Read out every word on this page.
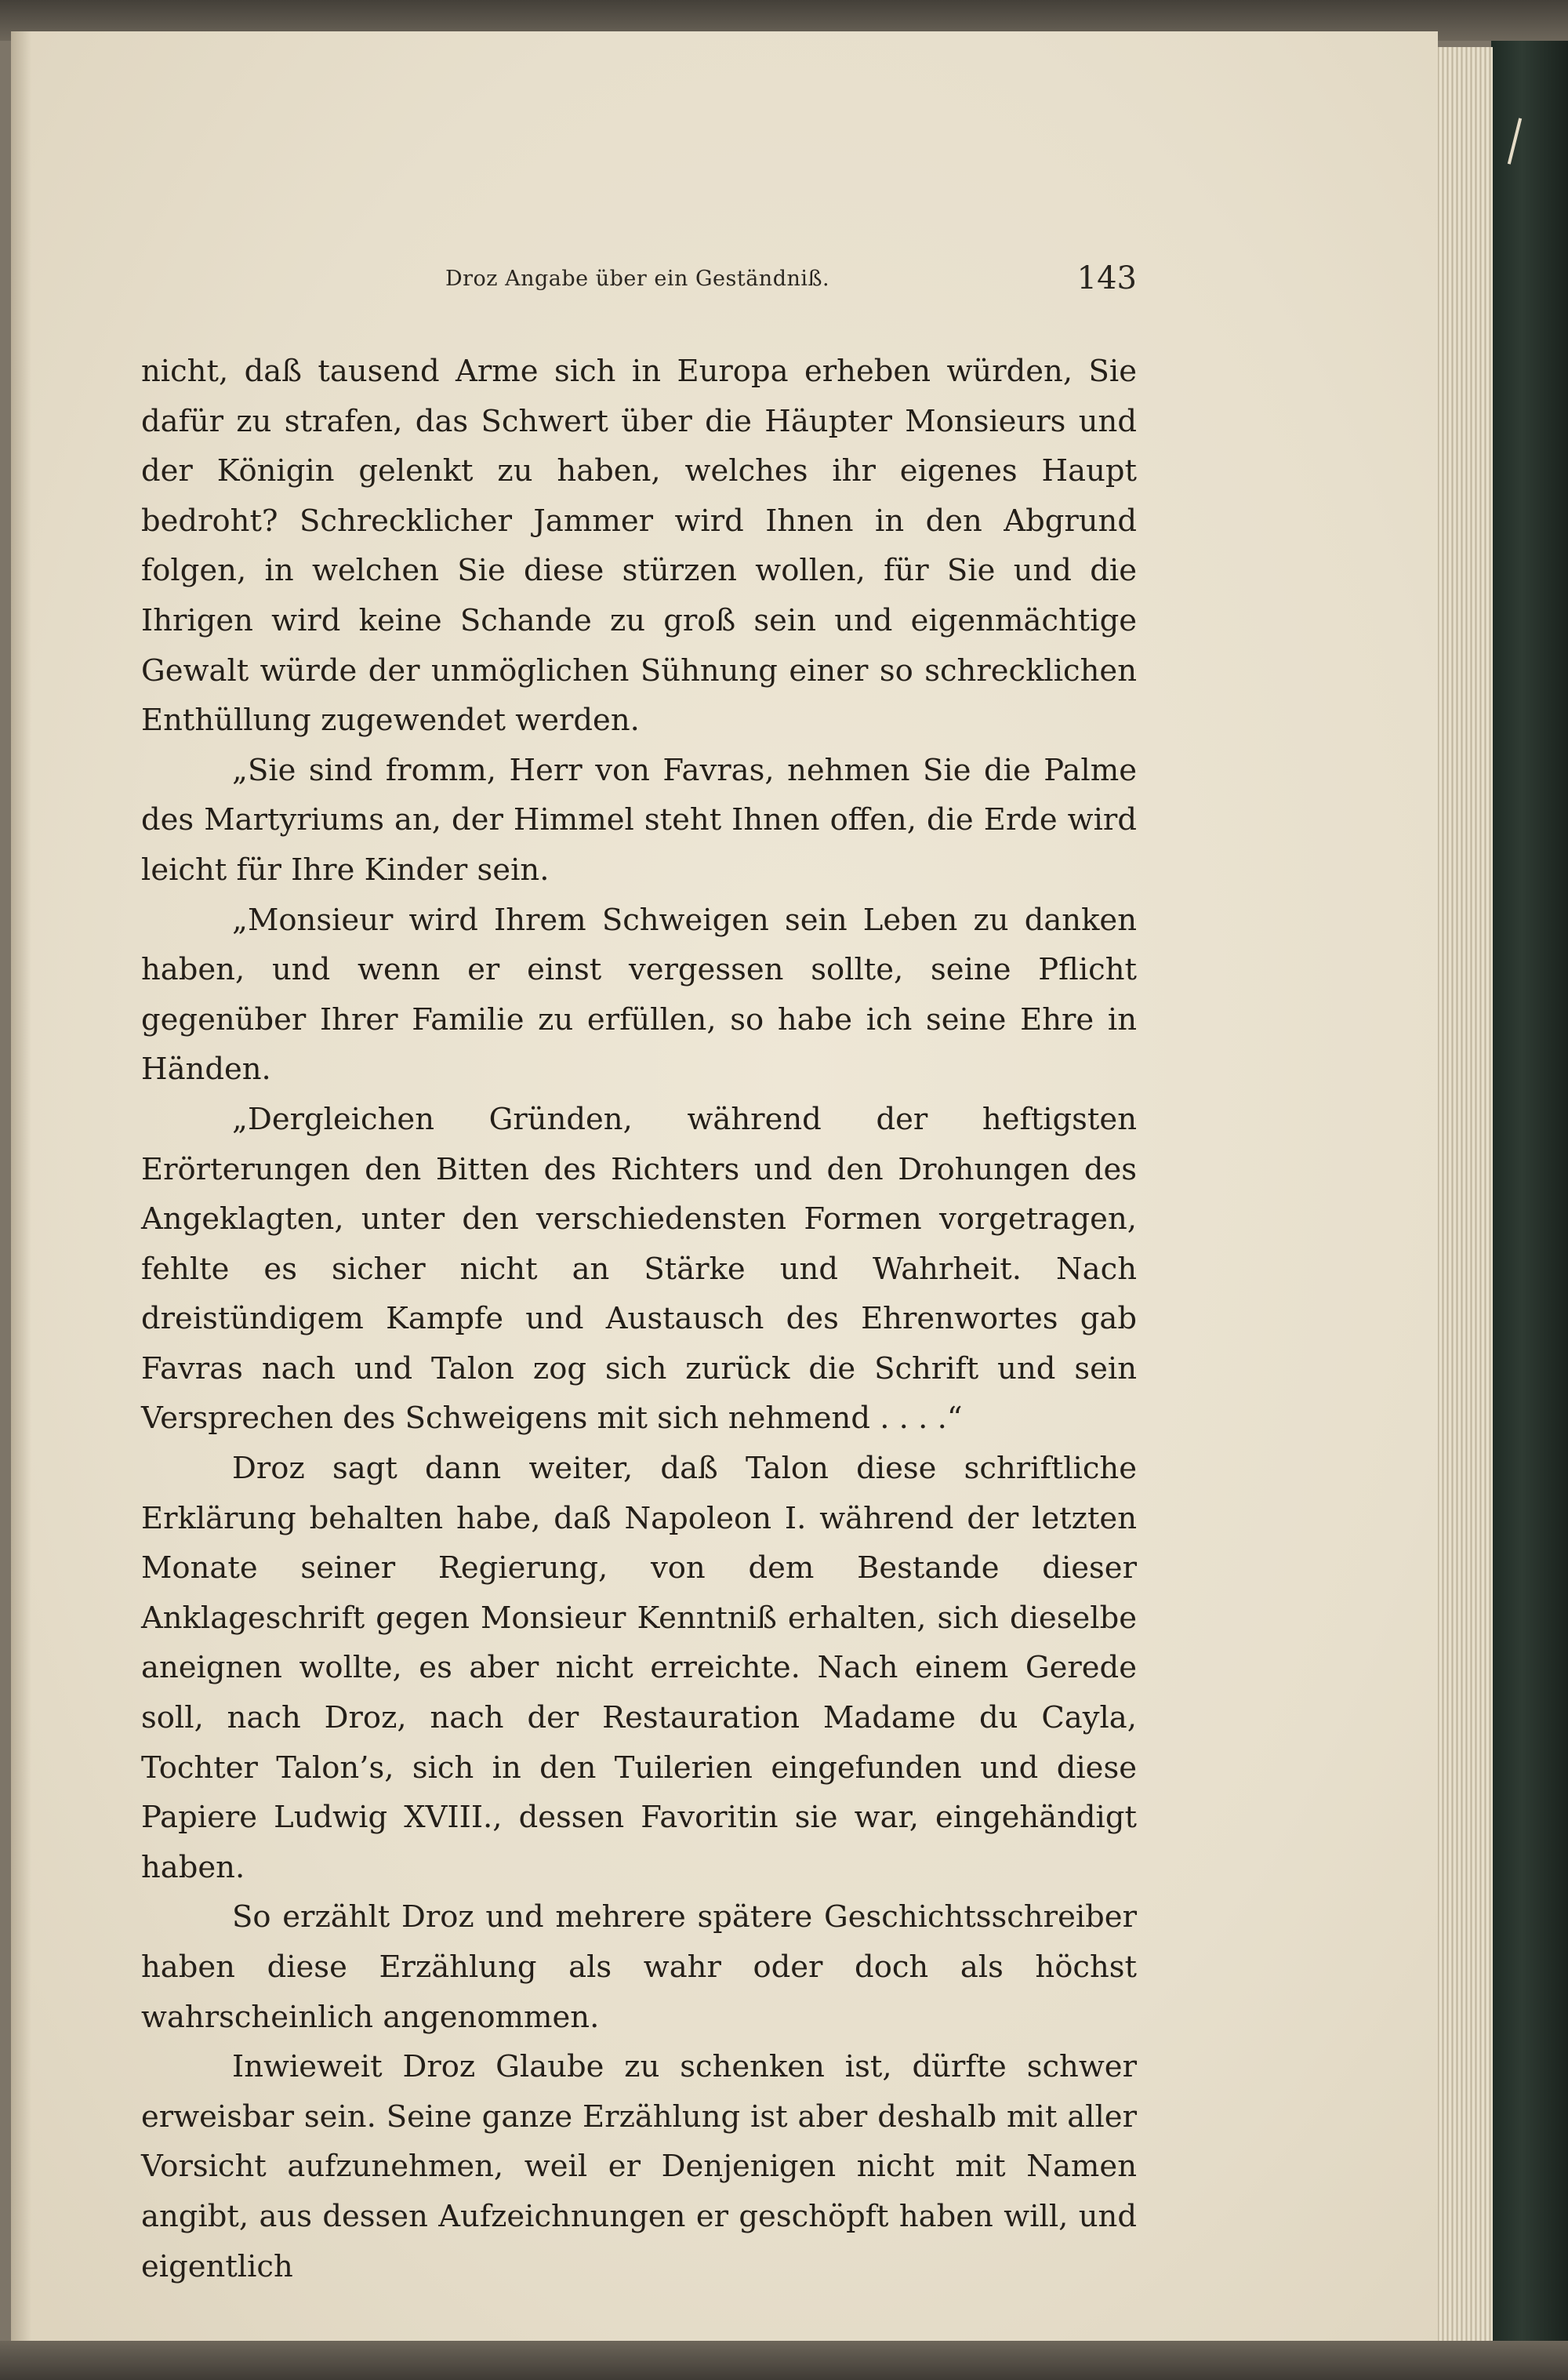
Droz Angabe über ein Geständniß.	143

nicht, daß tausend Arme sich in Europa erheben würden, Sie dafür zu strafen, das Schwert über die Häupter Monsieurs und der Königin gelenkt zu haben, welches ihr eigenes Haupt bedroht? Schrecklicher Jammer wird Ihnen in den Abgrund folgen, in welchen Sie diese stürzen wollen, für Sie und die Ihrigen wird keine Schande zu groß sein und eigenmächtige Gewalt würde der unmöglichen Sühnung einer so schrecklichen Enthüllung zugewendet werden.

„Sie sind fromm, Herr von Favras, nehmen Sie die Palme des Martyriums an, der Himmel steht Ihnen offen, die Erde wird leicht für Ihre Kinder sein.

„Monsieur wird Ihrem Schweigen sein Leben zu danken haben, und wenn er einst vergessen sollte, seine Pflicht gegenüber Ihrer Familie zu erfüllen, so habe ich seine Ehre in Händen.

„Dergleichen Gründen, während der heftigsten Erörterungen den Bitten des Richters und den Drohungen des Angeklagten, unter den verschiedensten Formen vorgetragen, fehlte es sicher nicht an Stärke und Wahrheit. Nach dreistündigem Kampfe und Austausch des Ehrenwortes gab Favras nach und Talon zog sich zurück die Schrift und sein Versprechen des Schweigens mit sich nehmend . . . .“

Droz sagt dann weiter, daß Talon diese schriftliche Erklärung behalten habe, daß Napoleon I. während der letzten Monate seiner Regierung, von dem Bestande dieser Anklageschrift gegen Monsieur Kenntniß erhalten, sich dieselbe aneignen wollte, es aber nicht erreichte. Nach einem Gerede soll, nach Droz, nach der Restauration Madame du Cayla, Tochter Talon’s, sich in den Tuilerien eingefunden und diese Papiere Ludwig XVIII., dessen Favoritin sie war, eingehändigt haben.

So erzählt Droz und mehrere spätere Geschichtsschreiber haben diese Erzählung als wahr oder doch als höchst wahrscheinlich angenommen.

Inwieweit Droz Glaube zu schenken ist, dürfte schwer erweisbar sein. Seine ganze Erzählung ist aber deshalb mit aller Vorsicht aufzunehmen, weil er Denjenigen nicht mit Namen angibt, aus dessen Aufzeichnungen er geschöpft haben will, und eigentlich
